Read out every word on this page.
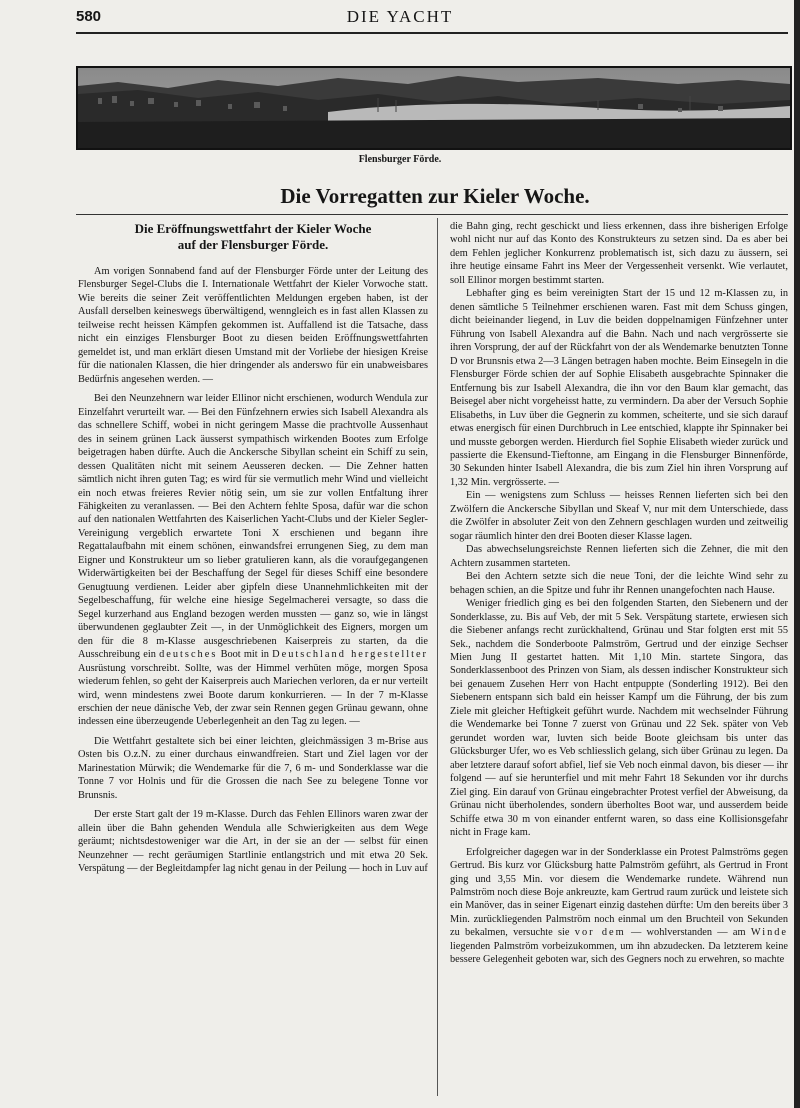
580	DIE YACHT
Flensburger Förde.
Die Vorregatten zur Kieler Woche.
Die Eröffnungswettfahrt der Kieler Woche
auf der Flensburger Förde.

Am vorigen Sonnabend fand auf der Flensburger Förde unter der Leitung des Flensburger Segel-Clubs die I. Internationale Wettfahrt der Kieler Vorwoche statt. Wie bereits die seiner Zeit veröffentlichten Meldungen ergeben haben, ist der Ausfall derselben keineswegs überwältigend, wenngleich es in fast allen Klassen zu teilweise recht heissen Kämpfen gekommen ist. Auffallend ist die Tatsache, dass nicht ein einziges Flensburger Boot zu diesen beiden Eröffnungswettfahrten gemeldet ist, und man erklärt diesen Umstand mit der Vorliebe der hiesigen Kreise für die nationalen Klassen, die hier dringender als anderswo für ein unabweisbares Bedürfnis angesehen werden. —

Bei den Neunzehnern war leider Ellinor nicht erschienen, wodurch Wendula zur Einzelfahrt verurteilt war. — Bei den Fünfzehnern erwies sich Isabell Alexandra als das schnellere Schiff, wobei in nicht geringem Masse die prachtvolle Aussenhaut des in seinem grünen Lack äusserst sympathisch wirkenden Bootes zum Erfolge beigetragen haben dürfte. Auch die Anckersche Sibyllan scheint ein Schiff zu sein, dessen Qualitäten nicht mit seinem Aeusseren decken. — Die Zehner hatten sämtlich nicht ihren guten Tag; es wird für sie vermutlich mehr Wind und vielleicht ein noch etwas freieres Revier nötig sein, um sie zur vollen Entfaltung ihrer Fähigkeiten zu veranlassen. — Bei den Achtern fehlte Sposa, dafür war die schon auf den nationalen Wettfahrten des Kaiserlichen Yacht-Clubs und der Kieler Segler-Vereinigung vergeblich erwartete Toni X erschienen und begann ihre Regattalaufbahn mit einem schönen, einwandsfrei errungenen Sieg, zu dem man Eigner und Konstrukteur um so lieber gratulieren kann, als die voraufgegangenen Widerwärtigkeiten bei der Beschaffung der Segel für dieses Schiff eine besondere Genugtuung verdienen. Leider aber gipfeln diese Unannehmlichkeiten mit der Segelbeschaffung, für welche eine hiesige Segelmacherei versagte, so dass die Segel kurzerhand aus England bezogen werden mussten — ganz so, wie in längst überwundenen geglaubter Zeit —, in der Unmöglichkeit des Eigners, morgen um den für die 8 m-Klasse ausgeschriebenen Kaiserpreis zu starten, da die Ausschreibung ein deutsches Boot mit in Deutschland hergestellter Ausrüstung vorschreibt. Sollte, was der Himmel verhüten möge, morgen Sposa wiederum fehlen, so geht der Kaiserpreis auch Mariechen verloren, da er nur verteilt wird, wenn mindestens zwei Boote darum konkurrieren. — In der 7 m-Klasse erschien der neue dänische Veb, der zwar sein Rennen gegen Grünau gewann, ohne indessen eine überzeugende Ueberlegenheit an den Tag zu legen. —

Die Wettfahrt gestaltete sich bei einer leichten, gleichmässigen 3 m-Brise aus Osten bis O.z.N. zu einer durchaus einwandfreien. Start und Ziel lagen vor der Marinestation Mürwik; die Wendemarke für die 7, 6 m- und Sonderklasse war die Tonne 7 vor Holnis und für die Grossen die nach See zu belegene Tonne vor Brunsnis.

Der erste Start galt der 19 m-Klasse. Durch das Fehlen Ellinors waren zwar der allein über die Bahn gehenden Wendula alle Schwierigkeiten aus dem Wege geräumt; nichtsdestoweniger war die Art, in der sie an der — selbst für einen Neunzehner — recht geräumigen Startlinie entlangstrich und mit etwa 20 Sek. Verspätung — der Begleitdampfer lag nicht genau in der Peilung — hoch in Luv auf

die Bahn ging, recht geschickt und liess erkennen, dass ihre bisherigen Erfolge wohl nicht nur auf das Konto des Konstrukteurs zu setzen sind. Da es aber bei dem Fehlen jeglicher Konkurrenz problematisch ist, sich dazu zu äussern, sei ihre heutige einsame Fahrt ins Meer der Vergessenheit versenkt. Wie verlautet, soll Ellinor morgen bestimmt starten.

Lebhafter ging es beim vereinigten Start der 15 und 12 m-Klassen zu, in denen sämtliche 5 Teilnehmer erschienen waren. Fast mit dem Schuss gingen, dicht beieinander liegend, in Luv die beiden doppelnamigen Fünfzehner unter Führung von Isabell Alexandra auf die Bahn. Nach und nach vergrösserte sie ihren Vorsprung, der auf der Rückfahrt von der als Wendemarke benutzten Tonne D vor Brunsnis etwa 2—3 Längen betragen haben mochte. Beim Einsegeln in die Flensburger Förde schien der auf Sophie Elisabeth ausgebrachte Spinnaker die Entfernung bis zur Isabell Alexandra, die ihn vor den Baum klar gemacht, das Beisegel aber nicht vorgeheisst hatte, zu vermindern. Da aber der Versuch Sophie Elisabeths, in Luv über die Gegnerin zu kommen, scheiterte, und sie sich darauf etwas energisch für einen Durchbruch in Lee entschied, klappte ihr Spinnaker bei und musste geborgen werden. Hierdurch fiel Sophie Elisabeth wieder zurück und passierte die Ekensund-Tieftonne, am Eingang in die Flensburger Binnenförde, 30 Sekunden hinter Isabell Alexandra, die bis zum Ziel hin ihren Vorsprung auf 1,32 Min. vergrösserte. —

Ein — wenigstens zum Schluss — heisses Rennen lieferten sich bei den Zwölfern die Anckersche Sibyllan und Skeaf V, nur mit dem Unterschiede, dass die Zwölfer in absoluter Zeit von den Zehnern geschlagen wurden und zeitweilig sogar räumlich hinter den drei Booten dieser Klasse lagen.

Das abwechselungsreichste Rennen lieferten sich die Zehner, die mit den Achtern zusammen starteten.

Bei den Achtern setzte sich die neue Toni, der die leichte Wind sehr zu behagen schien, an die Spitze und fuhr ihr Rennen unangefochten nach Hause.

Weniger friedlich ging es bei den folgenden Starten, den Siebenern und der Sonderklasse, zu. Bis auf Veb, der mit 5 Sek. Verspätung startete, erwiesen sich die Siebener anfangs recht zurückhaltend, Grünau und Star folgten erst mit 55 Sek., nachdem die Sonderboote Palmström, Gertrud und der einzige Sechser Mien Jung II gestartet hatten. Mit 1,10 Min. startete Singora, das Sonderklassenboot des Prinzen von Siam, als dessen indischer Konstrukteur sich bei genauem Zusehen Herr von Hacht entpuppte (Sonderling 1912). Bei den Siebenern entspann sich bald ein heisser Kampf um die Führung, der bis zum Ziele mit gleicher Heftigkeit geführt wurde. Nachdem mit wechselnder Führung die Wendemarke bei Tonne 7 zuerst von Grünau und 22 Sek. später von Veb gerundet worden war, luvten sich beide Boote gleichsam bis unter das Glücksburger Ufer, wo es Veb schliesslich gelang, sich über Grünau zu legen. Da aber letztere darauf sofort abfiel, lief sie Veb noch einmal davon, bis dieser — ihr folgend — auf sie herunterfiel und mit mehr Fahrt 18 Sekunden vor ihr durchs Ziel ging. Ein darauf von Grünau eingebrachter Protest verfiel der Abweisung, da Grünau nicht überholendes, sondern überholtes Boot war, und ausserdem beide Schiffe etwa 30 m von einander entfernt waren, so dass eine Kollisionsgefahr nicht in Frage kam.

Erfolgreicher dagegen war in der Sonderklasse ein Protest Palmströms gegen Gertrud. Bis kurz vor Glücksburg hatte Palmström geführt, als Gertrud in Front ging und 3,55 Min. vor diesem die Wendemarke rundete. Während nun Palmström noch diese Boje ankreuzte, kam Gertrud raum zurück und leistete sich ein Manöver, das in seiner Eigenart einzig dastehen dürfte: Um den bereits über 3 Min. zurückliegenden Palmström noch einmal um den Bruchteil von Sekunden zu bekalmen, versuchte sie vor dem — wohlverstanden — am Winde liegenden Palmström vorbeizukommen, um ihn abzudecken. Da letzterem keine bessere Gelegenheit geboten war, sich des Gegners noch zu erwehren, so machte
